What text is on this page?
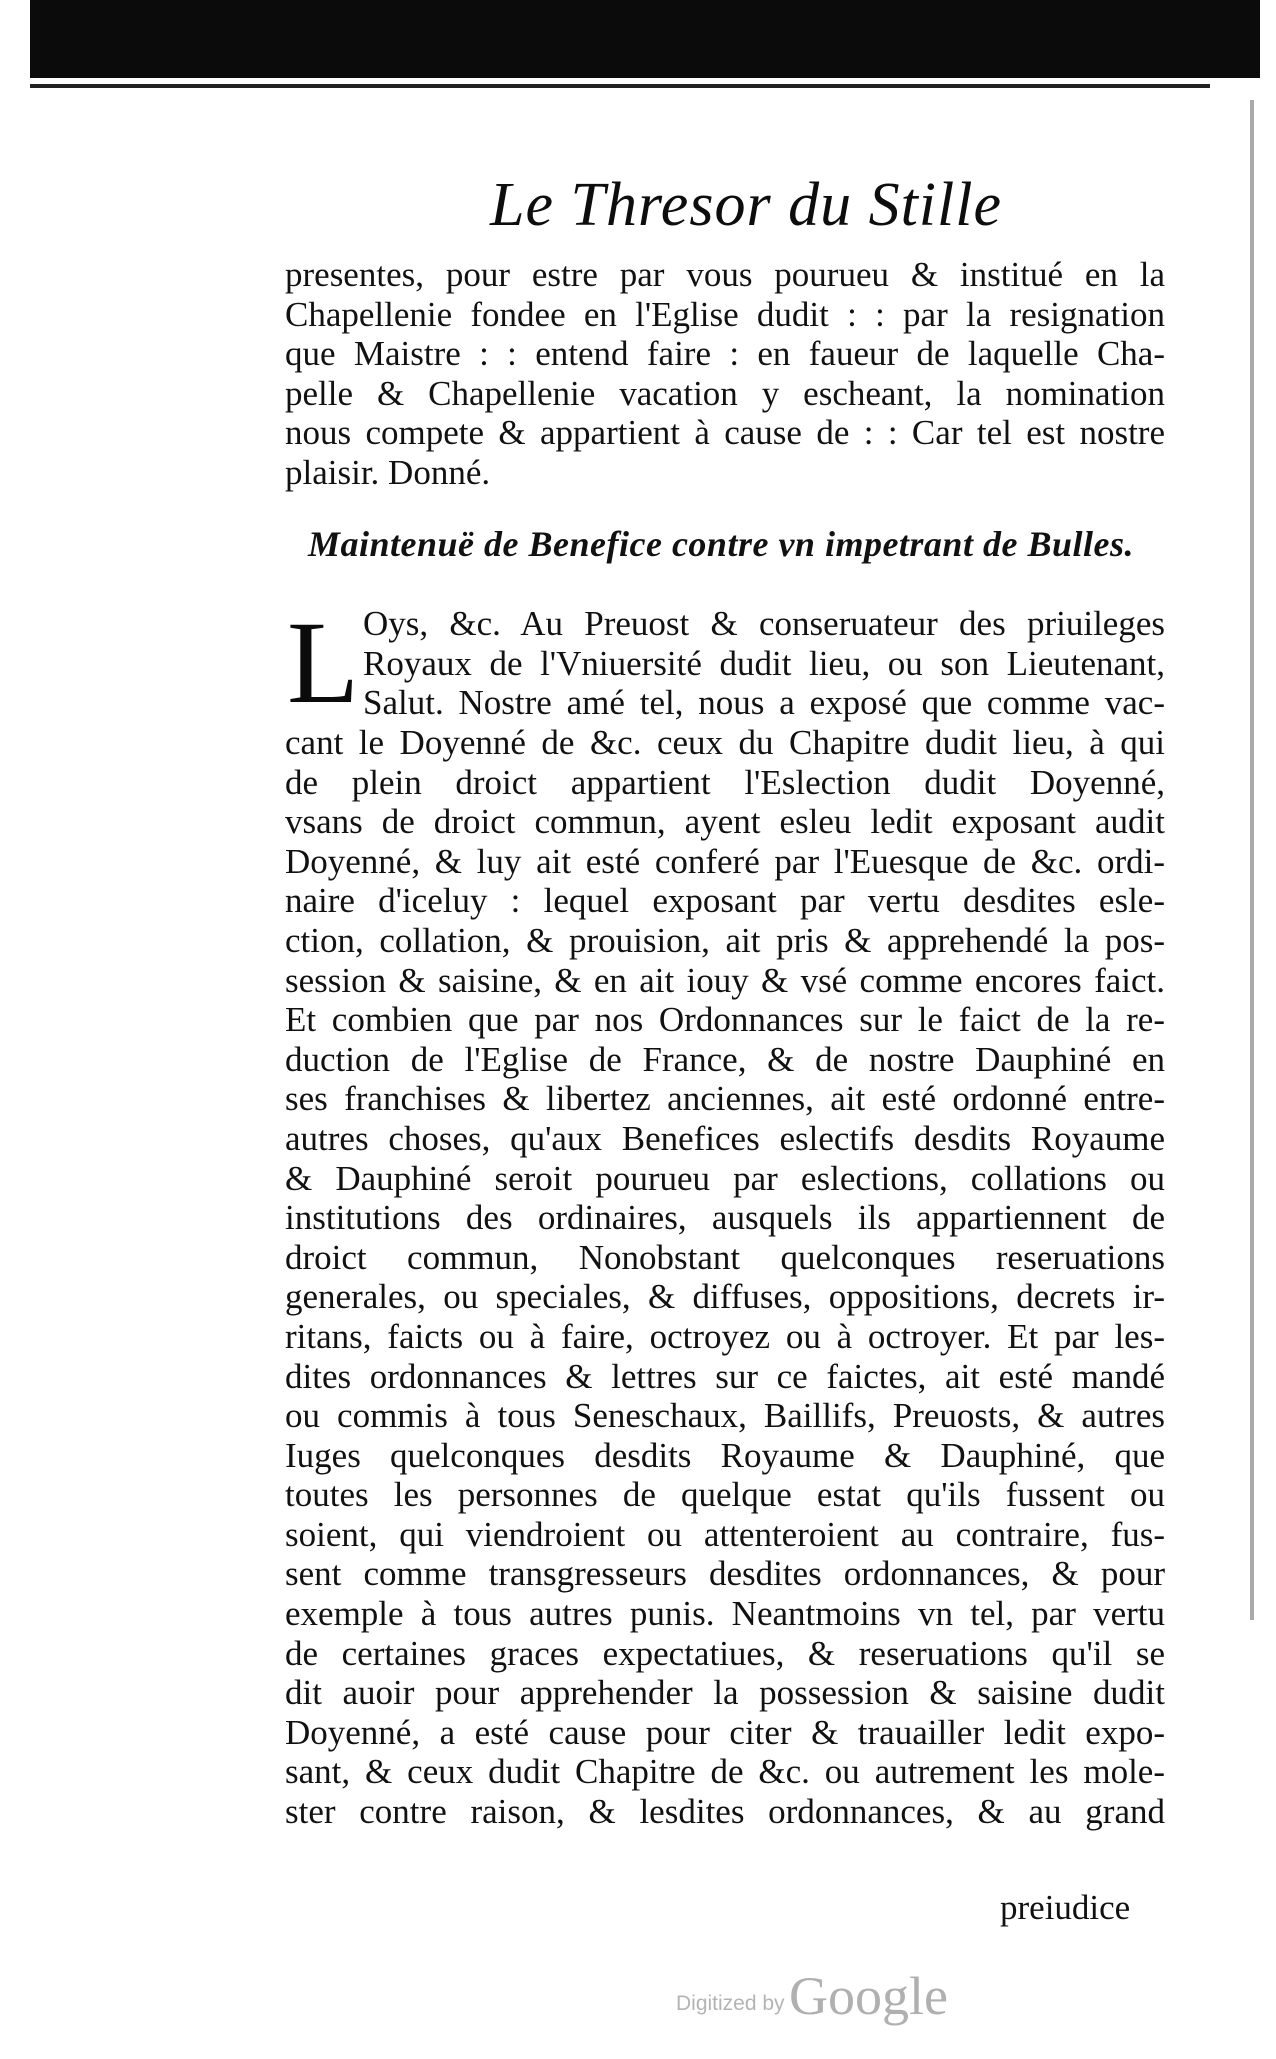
Le Thresor du Stille
presentes, pour estre par vous pourueu & institué en la
Chapellenie fondee en l'Eglise dudit : : par la resignation
que Maistre : : entend faire : en faueur de laquelle Cha-
pelle & Chapellenie vacation y escheant, la nomination
nous compete & appartient à cause de : : Car tel est nostre
plaisir. Donné.
Maintenuë de Benefice contre vn impetrant de Bulles.
L Oys, &c. Au Preuost & conseruateur des priuileges
Royaux de l'Vniuersité dudit lieu, ou son Lieutenant,
Salut. Nostre amé tel, nous a exposé que comme vac-
cant le Doyenné de &c. ceux du Chapitre dudit lieu, à qui
de plein droict appartient l'Eslection dudit Doyenné,
vsans de droict commun, ayent esleu ledit exposant audit
Doyenné, & luy ait esté conferé par l'Euesque de &c. ordi-
naire d'iceluy : lequel exposant par vertu desdites esle-
ction, collation, & prouision, ait pris & apprehendé la pos-
session & saisine, & en ait iouy & vsé comme encores faict.
Et combien que par nos Ordonnances sur le faict de la re-
duction de l'Eglise de France, & de nostre Dauphiné en
ses franchises & libertez anciennes, ait esté ordonné entre-
autres choses, qu'aux Benefices eslectifs desdits Royaume
& Dauphiné seroit pourueu par eslections, collations ou
institutions des ordinaires, ausquels ils appartiennent de
droict commun, Nonobstant quelconques reseruations
generales, ou speciales, & diffuses, oppositions, decrets ir-
ritans, faicts ou à faire, octroyez ou à octroyer. Et par les-
dites ordonnances & lettres sur ce faictes, ait esté mandé
ou commis à tous Seneschaux, Baillifs, Preuosts, & autres
Iuges quelconques desdits Royaume & Dauphiné, que
toutes les personnes de quelque estat qu'ils fussent ou
soient, qui viendroient ou attenteroient au contraire, fus-
sent comme transgresseurs desdites ordonnances, & pour
exemple à tous autres punis. Neantmoins vn tel, par vertu
de certaines graces expectatiues, & reseruations qu'il se
dit auoir pour apprehender la possession & saisine dudit
Doyenné, a esté cause pour citer & trauailler ledit expo-
sant, & ceux dudit Chapitre de &c. ou autrement les mole-
ster contre raison, & lesdites ordonnances, & au grand
preiudice
Digitized by Google
